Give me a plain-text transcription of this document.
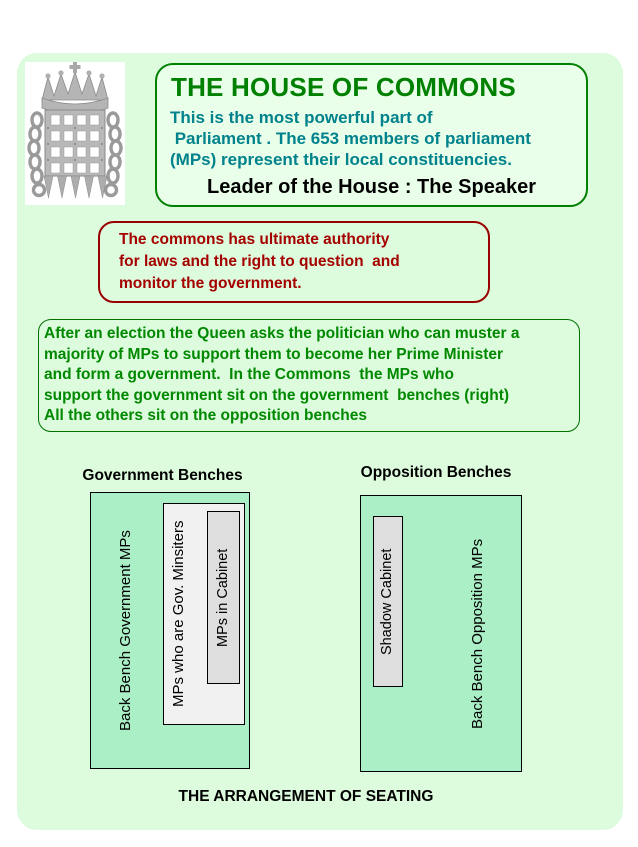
THE HOUSE OF COMMONS
This is the most powerful part of
Parliament . The 653 members of parliament
(MPs) represent their local constituencies.
Leader of the House : The Speaker
The commons has ultimate authority
for laws and the right to question  and
monitor the government.
After an election the Queen asks the politician who can muster a
majority of MPs to support them to become her Prime Minister
and form a government.  In the Commons  the MPs who
support the government sit on the government  benches (right)
All the others sit on the opposition benches
Government Benches	Opposition Benches
Back Bench Government MPs MPs who are Gov. Minsiters MPs in Cabinet	Shadow Cabinet	Back Bench Opposition MPs
THE ARRANGEMENT OF SEATING
